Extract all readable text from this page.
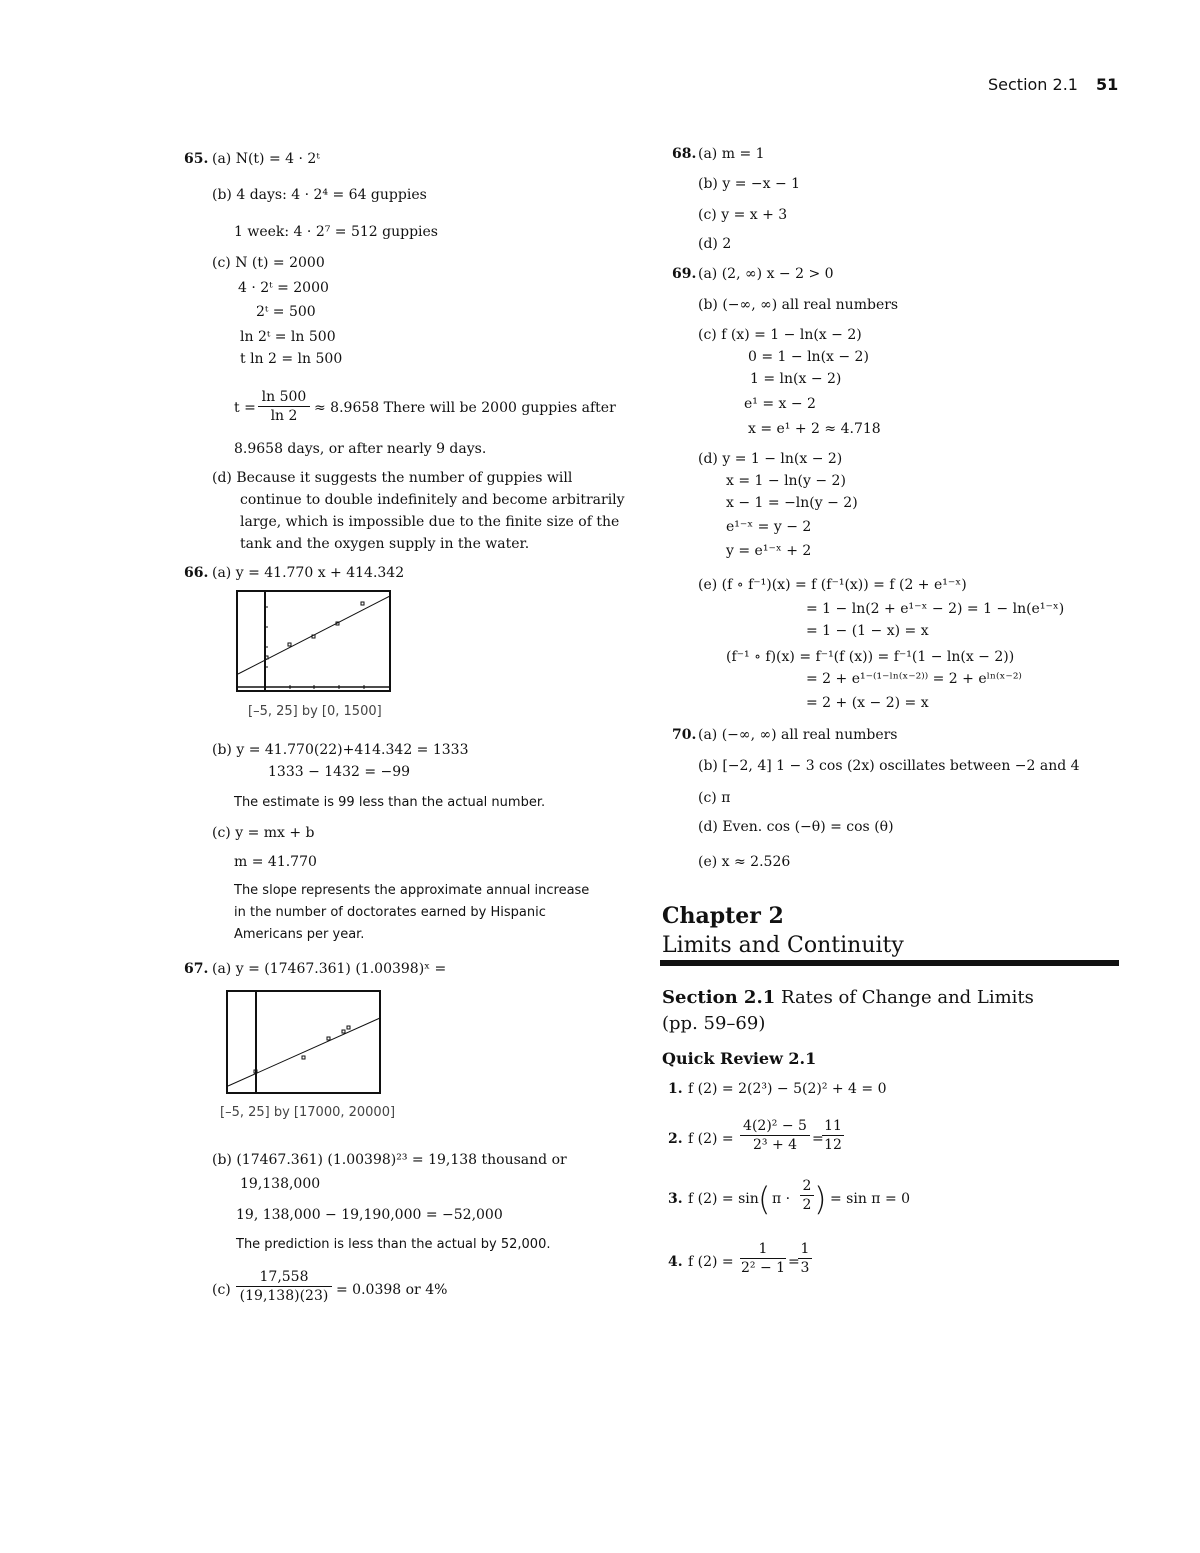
Section 2.1 51
65. (a) N(t) = 4 · 2ᵗ
(b) 4 days: 4 · 2⁴ = 64 guppies
1 week: 4 · 2⁷ = 512 guppies
(c) N (t) = 2000
4 · 2ᵗ = 2000
2ᵗ = 500
ln 2ᵗ = ln 500
t ln 2 = ln 500
$t = \frac{\ln 500}{\ln 2} \approx 8.9658$ There will be 2000 guppies after
8.9658 days, or after nearly 9 days.
(d) Because it suggests the number of guppies will
continue to double indefinitely and become arbitrarily
large, which is impossible due to the finite size of the
tank and the oxygen supply in the water.
66. (a) y = 41.770 x + 414.342
[–5, 25] by [0, 1500]
(b) y = 41.770(22)+414.342 = 1333
1333 − 1432 = −99
The estimate is 99 less than the actual number.
(c) y = mx + b
m = 41.770
The slope represents the approximate annual increase
in the number of doctorates earned by Hispanic
Americans per year.
67. (a) y = (17467.361) (1.00398)ˣ =
[–5, 25] by [17000, 20000]
(b) (17467.361) (1.00398)²³ = 19,138 thousand or
19,138,000
19, 138,000 − 19,190,000 = −52,000
The prediction is less than the actual by 52,000.
$(c) \frac{17,558}{(19,138)(23)} = 0.0398$ or 4%
68. (a) m = 1
(b) y = −x − 1
(c) y = x + 3
(d) 2
69. (a) (2, ∞) x − 2 > 0
(b) (−∞, ∞) all real numbers
(c) f (x) = 1 − ln(x − 2)
0 = 1 − ln(x − 2)
1 = ln(x − 2)
e¹ = x − 2
x = e¹ + 2 ≈ 4.718
(d) y = 1 − ln(x − 2)
x = 1 − ln(y − 2)
x − 1 = −ln(y − 2)
e¹⁻ˣ = y − 2
y = e¹⁻ˣ + 2
(e) (f ∘ f⁻¹)(x) = f (f⁻¹(x)) = f (2 + e¹⁻ˣ)
= 1 − ln(2 + e¹⁻ˣ − 2) = 1 − ln(e¹⁻ˣ)
= 1 − (1 − x) = x
(f⁻¹ ∘ f)(x) = f⁻¹(f (x)) = f⁻¹(1 − ln(x − 2))
= 2 + e¹⁻⁽¹⁻ˡⁿ⁽ˣ⁻²⁾⁾ = 2 + eˡⁿ⁽ˣ⁻²⁾
= 2 + (x − 2) = x
70. (a) (−∞, ∞) all real numbers
(b) [−2, 4] 1 − 3 cos (2x) oscillates between −2 and 4
(c) π
(d) Even. cos (−θ) = cos (θ)
(e) x ≈ 2.526
Chapter 2
Limits and Continuity
Section 2.1 Rates of Change and Limits
(pp. 59–69)
Quick Review 2.1
1. f (2) = 2(2³) − 5(2)² + 4 = 0
2. f $(2) = \frac{\text{4(2)² − 5}}{\text{2³ + 4}}$ =
$\frac{11}{12}$
3. f (2) = sin ( $\pi \cdot \frac{2}{2}$ ) = sin π = 0
4. f $(2) = \frac{1}{\text{2² − 1}}$ =
$\frac{1}{3}$
